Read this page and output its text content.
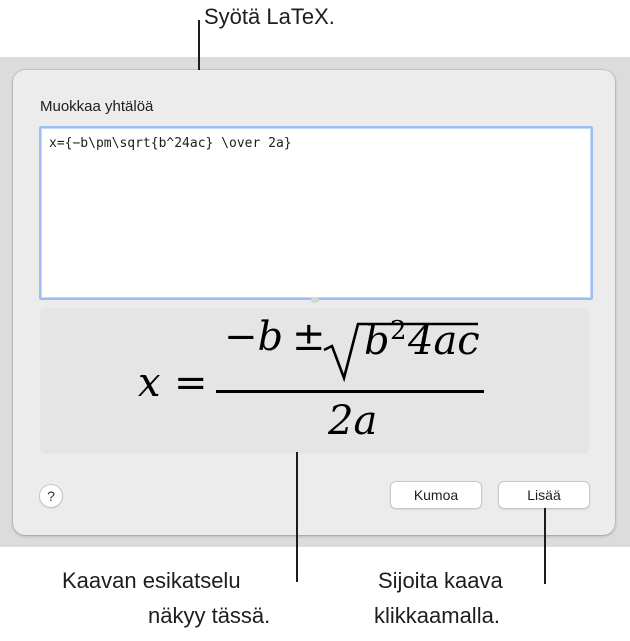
Syötä LaTeX.
Muokkaa yhtälöä
x={−b\pm\sqrt{b^24ac} \over 2a}
x =
−b ± b 2 4ac
2a
?	Kumoa	Lisää
Kaavan esikatselu
näkyy tässä.
Sijoita kaava
klikkaamalla.
